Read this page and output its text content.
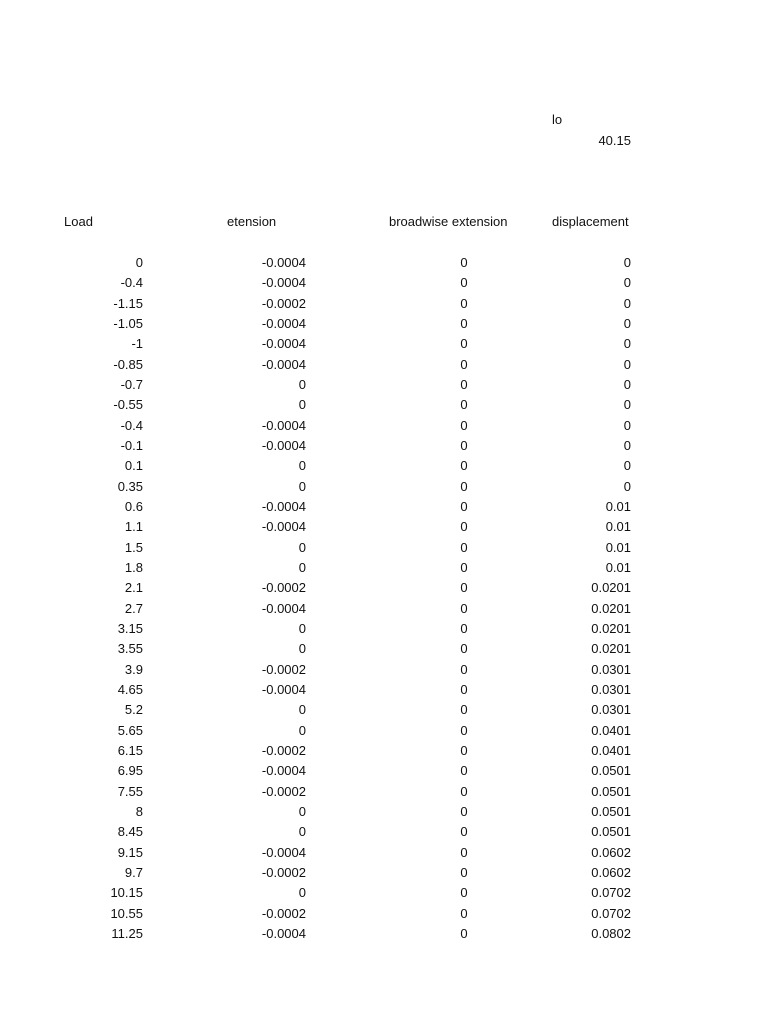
lo
40.15
Load	etension	broadwise extension	displacement
0	-0.0004	0	0
-0.4	-0.0004	0	0
-1.15	-0.0002	0	0
-1.05	-0.0004	0	0
-1	-0.0004	0	0
-0.85	-0.0004	0	0
-0.7	0	0	0
-0.55	0	0	0
-0.4	-0.0004	0	0
-0.1	-0.0004	0	0
0.1	0	0	0
0.35	0	0	0
0.6	-0.0004	0	0.01
1.1	-0.0004	0	0.01
1.5	0	0	0.01
1.8	0	0	0.01
2.1	-0.0002	0	0.0201
2.7	-0.0004	0	0.0201
3.15	0	0	0.0201
3.55	0	0	0.0201
3.9	-0.0002	0	0.0301
4.65	-0.0004	0	0.0301
5.2	0	0	0.0301
5.65	0	0	0.0401
6.15	-0.0002	0	0.0401
6.95	-0.0004	0	0.0501
7.55	-0.0002	0	0.0501
8	0	0	0.0501
8.45	0	0	0.0501
9.15	-0.0004	0	0.0602
9.7	-0.0002	0	0.0602
10.15	0	0	0.0702
10.55	-0.0002	0	0.0702
11.25	-0.0004	0	0.0802
